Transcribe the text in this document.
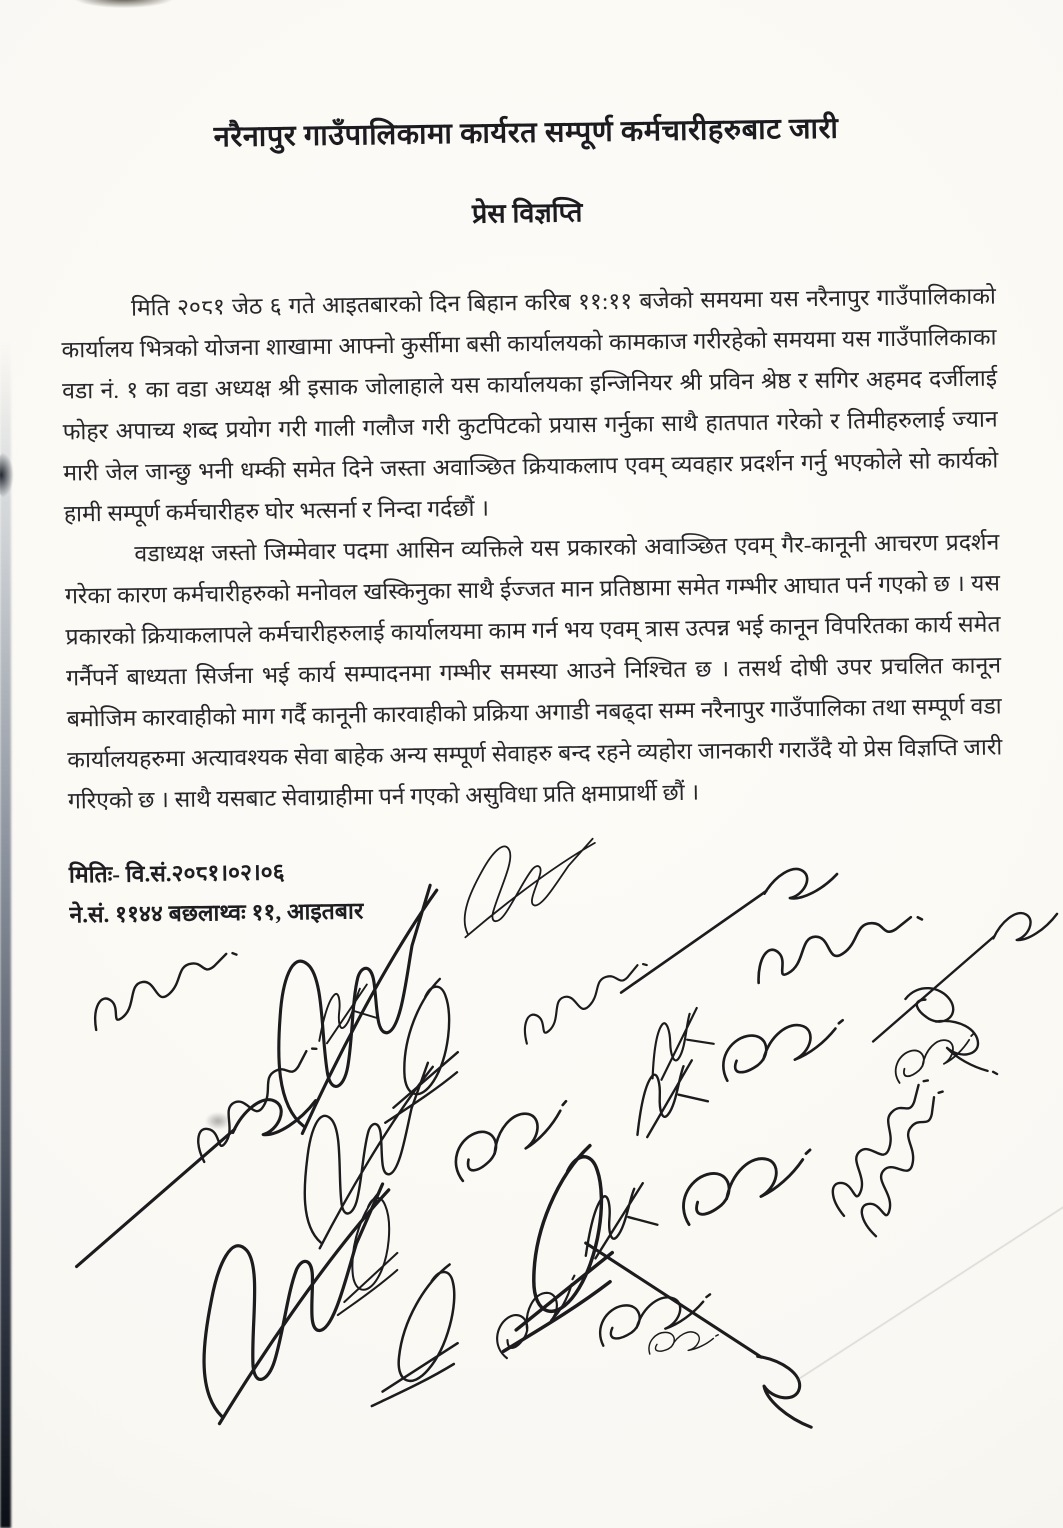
नरैनापुर गाउँपालिकामा कार्यरत सम्पूर्ण कर्मचारीहरुबाट जारी
प्रेस विज्ञप्ति

मिति २०८१ जेठ ६ गते आइतबारको दिन बिहान करिब ११:११ बजेको समयमा यस नरैनापुर गाउँपालिकाको कार्यालय भित्रको योजना शाखामा आफ्नो कुर्सीमा बसी कार्यालयको कामकाज गरीरहेको समयमा यस गाउँपालिकाका वडा नं. १ का वडा अध्यक्ष श्री इसाक जोलाहाले यस कार्यालयका इन्जिनियर श्री प्रविन श्रेष्ठ र सगिर अहमद दर्जीलाई फोहर अपाच्य शब्द प्रयोग गरी गाली गलौज गरी कुटपिटको प्रयास गर्नुका साथै हातपात गरेको र तिमीहरुलाई ज्यान मारी जेल जान्छु भनी धम्की समेत दिने जस्ता अवाञ्छित क्रियाकलाप एवम् व्यवहार प्रदर्शन गर्नु भएकोले सो कार्यको हामी सम्पूर्ण कर्मचारीहरु घोर भत्सर्ना र निन्दा गर्दछौं ।

वडाध्यक्ष जस्तो जिम्मेवार पदमा आसिन व्यक्तिले यस प्रकारको अवाञ्छित एवम् गैर-कानूनी आचरण प्रदर्शन गरेका कारण कर्मचारीहरुको मनोवल खस्किनुका साथै ईज्जत मान प्रतिष्ठामा समेत गम्भीर आघात पर्न गएको छ । यस प्रकारको क्रियाकलापले कर्मचारीहरुलाई कार्यालयमा काम गर्न भय एवम् त्रास उत्पन्न भई कानून विपरितका कार्य समेत गर्नैपर्ने बाध्यता सिर्जना भई कार्य सम्पादनमा गम्भीर समस्या आउने निश्चित छ । तसर्थ दोषी उपर प्रचलित कानून बमोजिम कारवाहीको माग गर्दै कानूनी कारवाहीको प्रक्रिया अगाडी नबढ्दा सम्म नरैनापुर गाउँपालिका तथा सम्पूर्ण वडा कार्यालयहरुमा अत्यावश्यक सेवा बाहेक अन्य सम्पूर्ण सेवाहरु बन्द रहने व्यहोरा जानकारी गराउँदै यो प्रेस विज्ञप्ति जारी गरिएको छ । साथै यसबाट सेवाग्राहीमा पर्न गएको असुविधा प्रति क्षमाप्रार्थी छौं ।

मितिः- वि.सं.२०८१।०२।०६
ने.सं. ११४४ बछलाथ्वः ११, आइतबार
